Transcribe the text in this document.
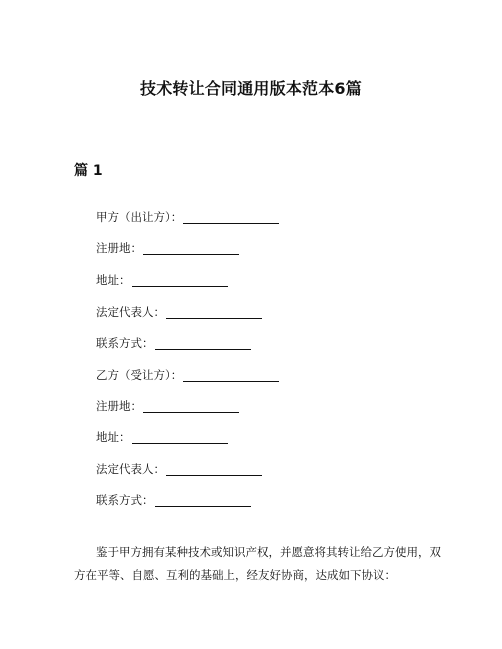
技术转让合同通用版本范本6篇
篇 1
甲方（出让方）：
注册地：
地址：
法定代表人：
联系方式：
乙方（受让方）：
注册地：
地址：
法定代表人：
联系方式：
鉴于甲方拥有某种技术或知识产权，并愿意将其转让给乙方使用，双方在平等、自愿、互利的基础上，经友好协商，达成如下协议：
